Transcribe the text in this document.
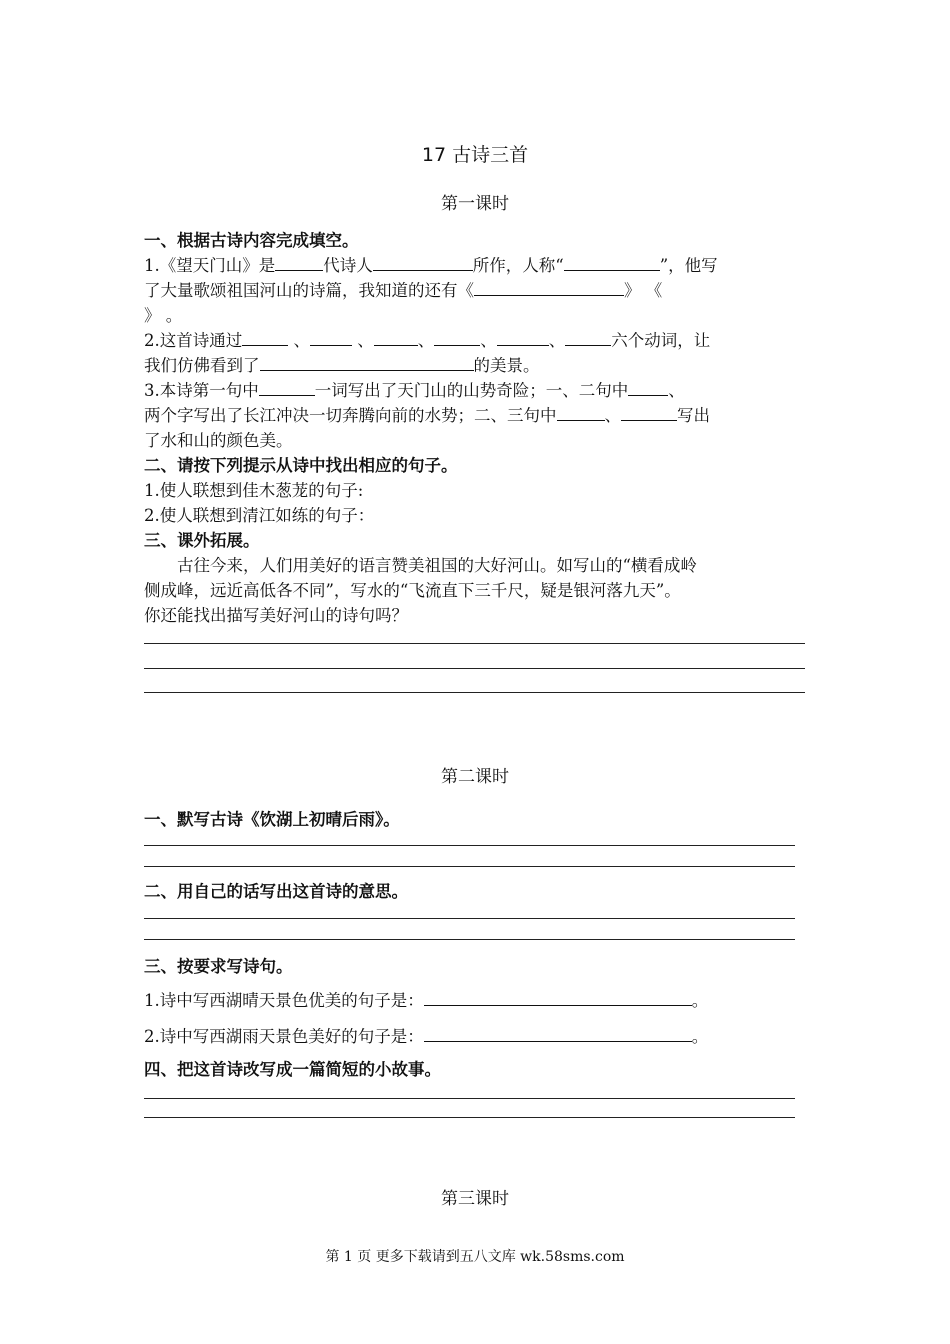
17 古诗三首
第一课时
一、根据古诗内容完成填空。
1.《望天门山》是	代诗人	所作，人称“	”，他写
了大量歌颂祖国河山的诗篇，我知道的还有《	》 《
》 。
2.这首诗通过	、	、	、	、	、	六个动词，让
我们仿佛看到了	的美景。
3.本诗第一句中	一词写出了天门山的山势奇险；一、二句中 、
两个字写出了长江冲决一切奔腾向前的水势；二、三句中	、	写出
了水和山的颜色美。
二、请按下列提示从诗中找出相应的句子。
1.使人联想到佳木葱茏的句子:
2.使人联想到清江如练的句子：
三、课外拓展。
古往今来，人们用美好的语言赞美祖国的大好河山。如写山的“横看成岭
侧成峰，远近高低各不同”，写水的“飞流直下三千尺，疑是银河落九天”。
你还能找出描写美好河山的诗句吗？
第二课时
一、默写古诗《饮湖上初晴后雨》。
二、用自己的话写出这首诗的意思。
三、按要求写诗句。
1.诗中写西湖晴天景色优美的句子是：	。
2.诗中写西湖雨天景色美好的句子是：	。
四、把这首诗改写成一篇简短的小故事。
第三课时
第 1 页 更多下载请到五八文库 wk.58sms.com
